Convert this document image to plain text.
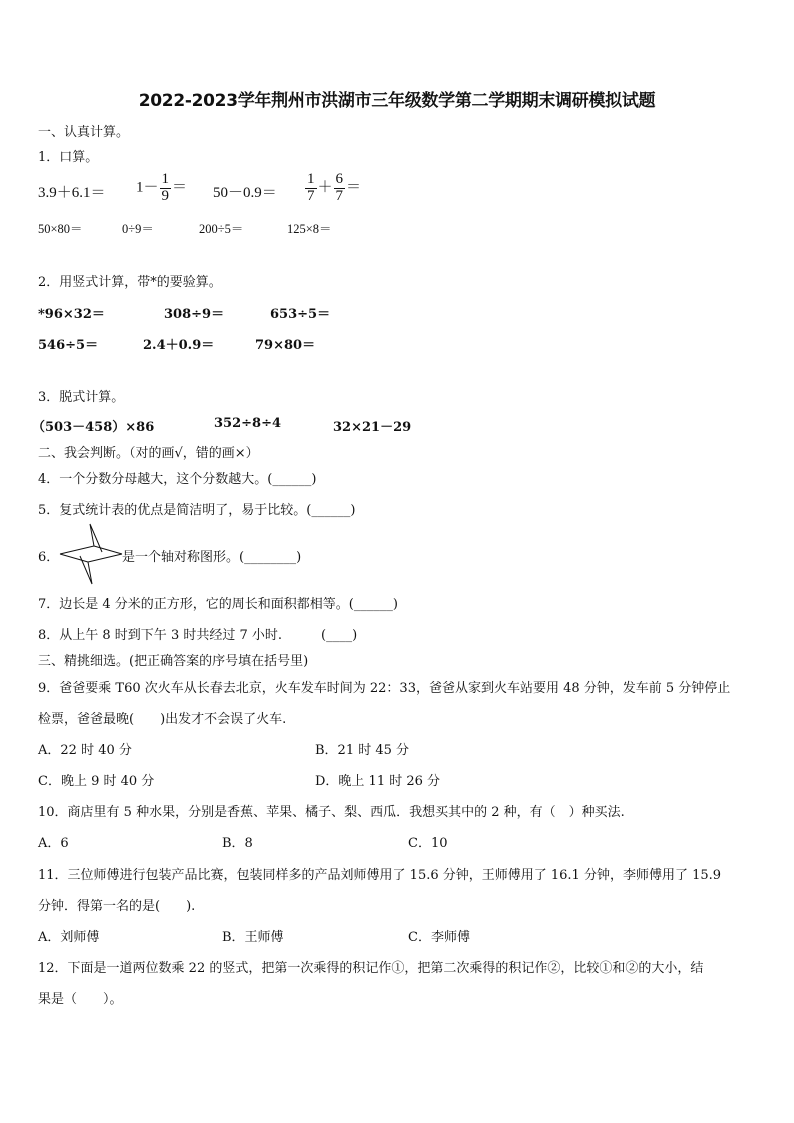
2022-2023学年荆州市洪湖市三年级数学第二学期期末调研模拟试题
一、认真计算。
1．口算。
$3.9+6.1= 1- \frac{1}{9} = 50-0.9= \frac{1}{7} + \frac{6}{7}$ ＝
50×80＝	0÷9＝	200÷5＝	125×8＝
2．用竖式计算，带*的要验算。
*96×32＝	308÷9＝	653÷5＝
546÷5＝	2.4＋0.9＝	79×80＝
3．脱式计算。
（503－458）×86	352÷8÷4	32×21－29
二、我会判断。（对的画√，错的画×）
4．一个分数分母越大，这个分数越大。(______)
5．复式统计表的优点是简洁明了，易于比较。(______)
6．	是一个轴对称图形。(________)
7．边长是 4 分米的正方形，它的周长和面积都相等。(______)
8．从上午 8 时到下午 3 时共经过 7 小时.　　　(____)
三、精挑细选。(把正确答案的序号填在括号里)
9．爸爸要乘 T60 次火车从长春去北京，火车发车时间为 22：33，爸爸从家到火车站要用 48 分钟，发车前 5 分钟停止
检票，爸爸最晚(　　)出发才不会误了火车.
A．22 时 40 分	B．21 时 45 分
C．晚上 9 时 40 分	D．晚上 11 时 26 分
10．商店里有 5 种水果，分别是香蕉、苹果、橘子、梨、西瓜．我想买其中的 2 种，有（　）种买法.
A．6	B．8	C．10
11．三位师傅进行包装产品比赛，包装同样多的产品刘师傅用了 15.6 分钟，王师傅用了 16.1 分钟，李师傅用了 15.9
分钟．得第一名的是(　　).
A．刘师傅	B．王师傅	C．李师傅
12．下面是一道两位数乘 22 的竖式，把第一次乘得的积记作①，把第二次乘得的积记作②，比较①和②的大小，结
果是（　　）。
